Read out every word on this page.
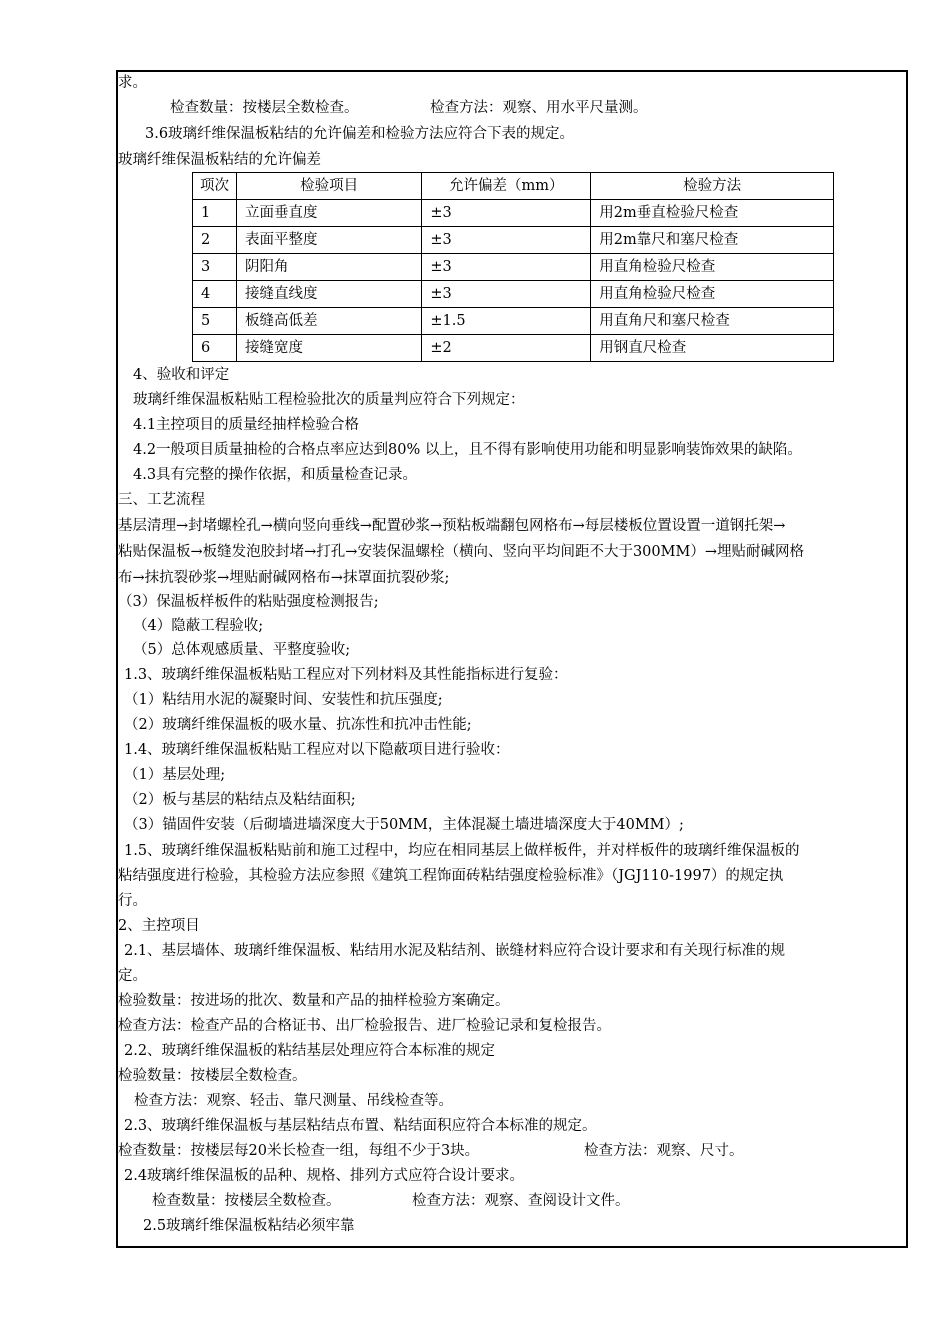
求。
检查数量：按楼层全数检查。	检查方法：观察、用水平尺量测。
3.6玻璃纤维保温板粘结的允许偏差和检验方法应符合下表的规定。
玻璃纤维保温板粘结的允许偏差
项次	检验项目	允许偏差（mm）	检验方法
1	立面垂直度	±3	用2m垂直检验尺检查
2	表面平整度	±3	用2m靠尺和塞尺检查
3	阴阳角	±3	用直角检验尺检查
4	接缝直线度	±3	用直角检验尺检查
5	板缝高低差	±1.5	用直角尺和塞尺检查
6	接缝宽度	±2	用钢直尺检查
4、验收和评定
玻璃纤维保温板粘贴工程检验批次的质量判应符合下列规定：
4.1主控项目的质量经抽样检验合格
4.2一般项目质量抽检的合格点率应达到80% 以上，且不得有影响使用功能和明显影响装饰效果的缺陷。
4.3具有完整的操作依据，和质量检查记录。
三、工艺流程
基层清理→封堵螺栓孔→横向竖向垂线→配置砂浆→预粘板端翻包网格布→每层楼板位置设置一道钢托架→
粘贴保温板→板缝发泡胶封堵→打孔→安装保温螺栓（横向、竖向平均间距不大于300MM）→埋贴耐碱网格
布→抹抗裂砂浆→埋贴耐碱网格布→抹罩面抗裂砂浆;
（3）保温板样板件的粘贴强度检测报告;
（4）隐蔽工程验收;
（5）总体观感质量、平整度验收;
1.3、玻璃纤维保温板粘贴工程应对下列材料及其性能指标进行复验：
（1）粘结用水泥的凝聚时间、安装性和抗压强度;
（2）玻璃纤维保温板的吸水量、抗冻性和抗冲击性能;
1.4、玻璃纤维保温板粘贴工程应对以下隐蔽项目进行验收：
（1）基层处理;
（2）板与基层的粘结点及粘结面积;
（3）锚固件安装（后砌墙进墙深度大于50MM，主体混凝土墙进墙深度大于40MM）;
1.5、玻璃纤维保温板粘贴前和施工过程中，均应在相同基层上做样板件，并对样板件的玻璃纤维保温板的
粘结强度进行检验，其检验方法应参照《建筑工程饰面砖粘结强度检验标准》（JGJ110-1997）的规定执
行。
2、主控项目
2.1、基层墙体、玻璃纤维保温板、粘结用水泥及粘结剂、嵌缝材料应符合设计要求和有关现行标准的规
定。
检验数量：按进场的批次、数量和产品的抽样检验方案确定。
检查方法：检查产品的合格证书、出厂检验报告、进厂检验记录和复检报告。
2.2、玻璃纤维保温板的粘结基层处理应符合本标准的规定
检验数量：按楼层全数检查。
检查方法：观察、轻击、靠尺测量、吊线检查等。
2.3、玻璃纤维保温板与基层粘结点布置、粘结面积应符合本标准的规定。
检查数量：按楼层每20米长检查一组，每组不少于3块。	检查方法：观察、尺寸。
2.4玻璃纤维保温板的品种、规格、排列方式应符合设计要求。
检查数量：按楼层全数检查。	检查方法：观察、查阅设计文件。
2.5玻璃纤维保温板粘结必须牢靠
